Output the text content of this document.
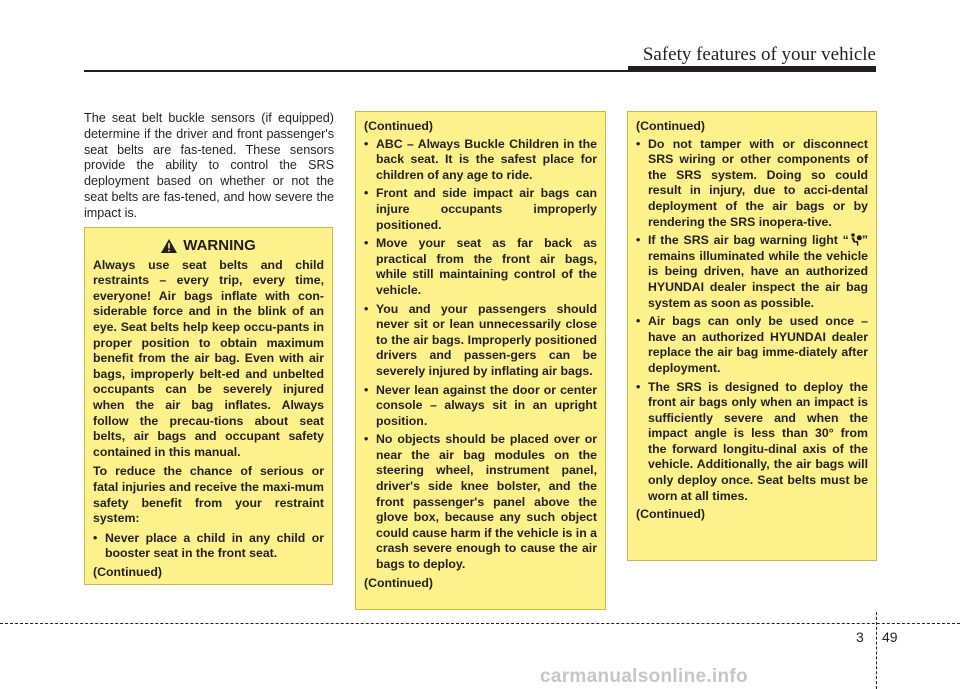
Safety features of your vehicle

The seat belt buckle sensors (if equipped) determine if the driver and front passenger's seat belts are fas-tened. These sensors provide the ability to control the SRS deployment based on whether or not the seat belts are fas-tened, and how severe the impact is.

WARNING

Always use seat belts and child restraints – every trip, every time, everyone! Air bags inflate with con-siderable force and in the blink of an eye. Seat belts help keep occu-pants in proper position to obtain maximum benefit from the air bag. Even with air bags, improperly belt-ed and unbelted occupants can be severely injured when the air bag inflates. Always follow the precau-tions about seat belts, air bags and occupant safety contained in this manual.

To reduce the chance of serious or fatal injuries and receive the maxi-mum safety benefit from your restraint system:

• Never place a child in any child or booster seat in the front seat.

(Continued)

(Continued)

• ABC – Always Buckle Children in the back seat. It is the safest place for children of any age to ride.
• Front and side impact air bags can injure occupants improperly positioned.
• Move your seat as far back as practical from the front air bags, while still maintaining control of the vehicle.
• You and your passengers should never sit or lean unnecessarily close to the air bags. Improperly positioned drivers and passen-gers can be severely injured by inflating air bags.
• Never lean against the door or center console – always sit in an upright position.
• No objects should be placed over or near the air bag modules on the steering wheel, instrument panel, driver's side knee bolster, and the front passenger's panel above the glove box, because any such object could cause harm if the vehicle is in a crash severe enough to cause the air bags to deploy.

(Continued)

(Continued)

• Do not tamper with or disconnect SRS wiring or other components of the SRS system. Doing so could result in injury, due to acci-dental deployment of the air bags or by rendering the SRS inopera-tive.
• If the SRS air bag warning light “ ” remains illuminated while the vehicle is being driven, have an authorized HYUNDAI dealer inspect the air bag system as soon as possible.
• Air bags can only be used once – have an authorized HYUNDAI dealer replace the air bag imme-diately after deployment.
• The SRS is designed to deploy the front air bags only when an impact is sufficiently severe and when the impact angle is less than 30° from the forward longitu-dinal axis of the vehicle. Additionally, the air bags will only deploy once. Seat belts must be worn at all times.

(Continued)

3 49
carmanualsonline.info
